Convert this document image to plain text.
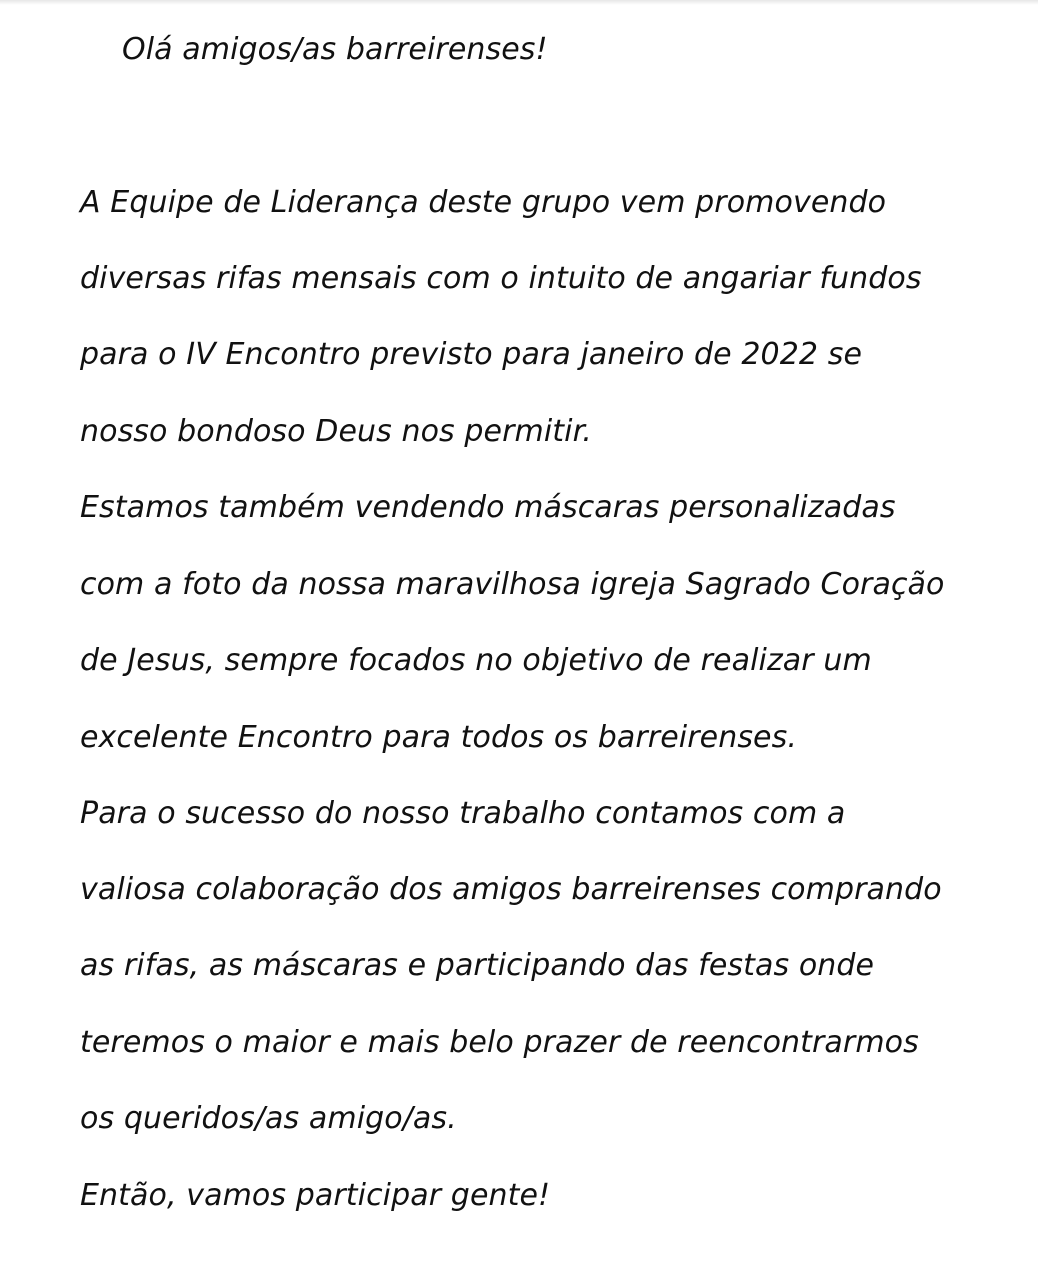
Olá amigos/as barreirenses!

A Equipe de Liderança deste grupo vem promovendo

diversas rifas mensais com o intuito de angariar fundos

para o IV Encontro previsto para janeiro de 2022 se

nosso bondoso Deus nos permitir.

Estamos também vendendo máscaras personalizadas

com a foto da nossa maravilhosa igreja Sagrado Coração

de Jesus, sempre focados no objetivo de realizar um

excelente Encontro para todos os barreirenses.

Para o sucesso do nosso trabalho contamos com a

valiosa colaboração dos amigos barreirenses comprando

as rifas, as máscaras e participando das festas onde

teremos o maior e mais belo prazer de reencontrarmos

os queridos/as amigo/as.

Então, vamos participar gente!
